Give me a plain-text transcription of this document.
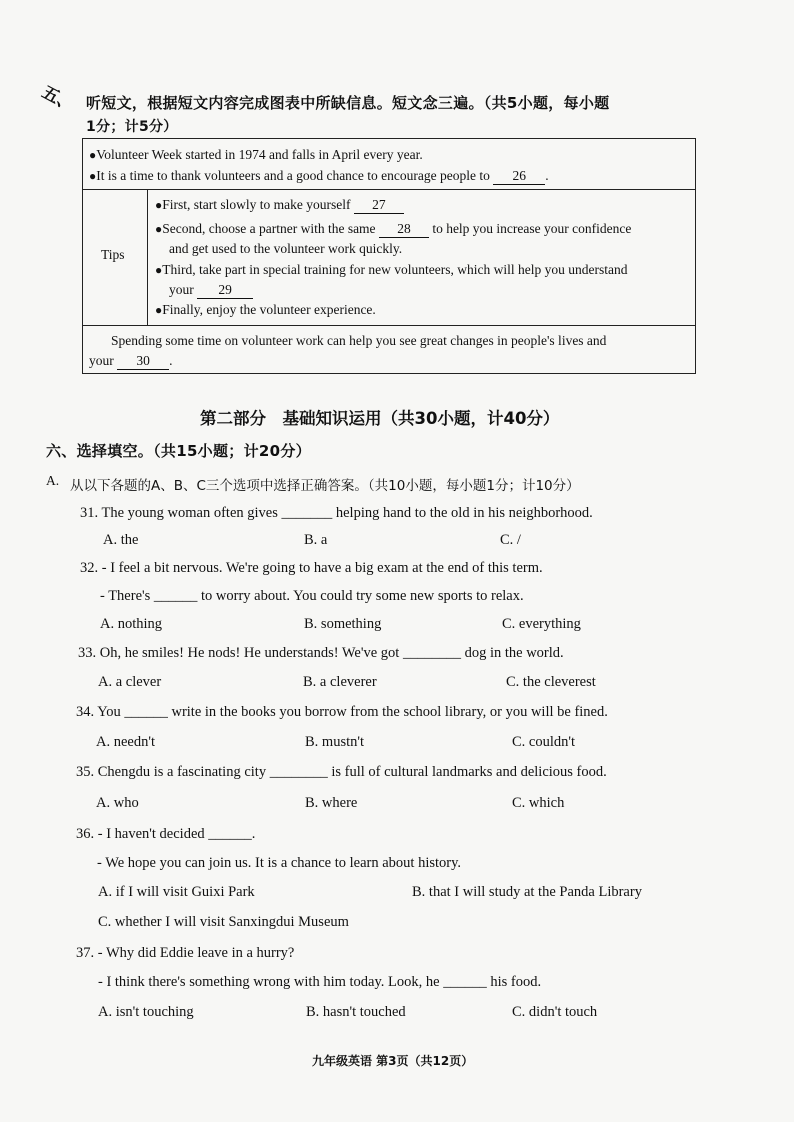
五、 听短文，根据短文内容完成图表中所缺信息。短文念三遍。（共5小题，每小题
1分；计5分）
●Volunteer Week started in 1974 and falls in April every year.
●It is a time to thank volunteers and a good chance to encourage people to 26 .
Tips
●First, start slowly to make yourself 27
●Second, choose a partner with the same 28 to help you increase your confidence
and get used to the volunteer work quickly.
●Third, take part in special training for new volunteers, which will help you understand
your 29
●Finally, enjoy the volunteer experience.
Spending some time on volunteer work can help you see great changes in people's lives and
your 30 .
第二部分　基础知识运用（共30小题，计40分）
六、选择填空。（共15小题；计20分）
A. 从以下各题的A、B、C三个选项中选择正确答案。（共10小题，每小题1分；计10分）
31. The young woman often gives _______ helping hand to the old in his neighborhood.
A. the	B. a	C. /
32. - I feel a bit nervous. We're going to have a big exam at the end of this term.
- There's ______ to worry about. You could try some new sports to relax.
A. nothing	B. something	C. everything
33. Oh, he smiles! He nods! He understands! We've got ________ dog in the world.
A. a clever	B. a cleverer	C. the cleverest
34. You ______ write in the books you borrow from the school library, or you will be fined.
A. needn't	B. mustn't	C. couldn't
35. Chengdu is a fascinating city ________ is full of cultural landmarks and delicious food.
A. who	B. where	C. which
36. - I haven't decided ______.
- We hope you can join us. It is a chance to learn about history.
A. if I will visit Guixi Park	B. that I will study at the Panda Library
C. whether I will visit Sanxingdui Museum
37. - Why did Eddie leave in a hurry?
- I think there's something wrong with him today. Look, he ______ his food.
A. isn't touching	B. hasn't touched	C. didn't touch
九年级英语 第3页（共12页）
